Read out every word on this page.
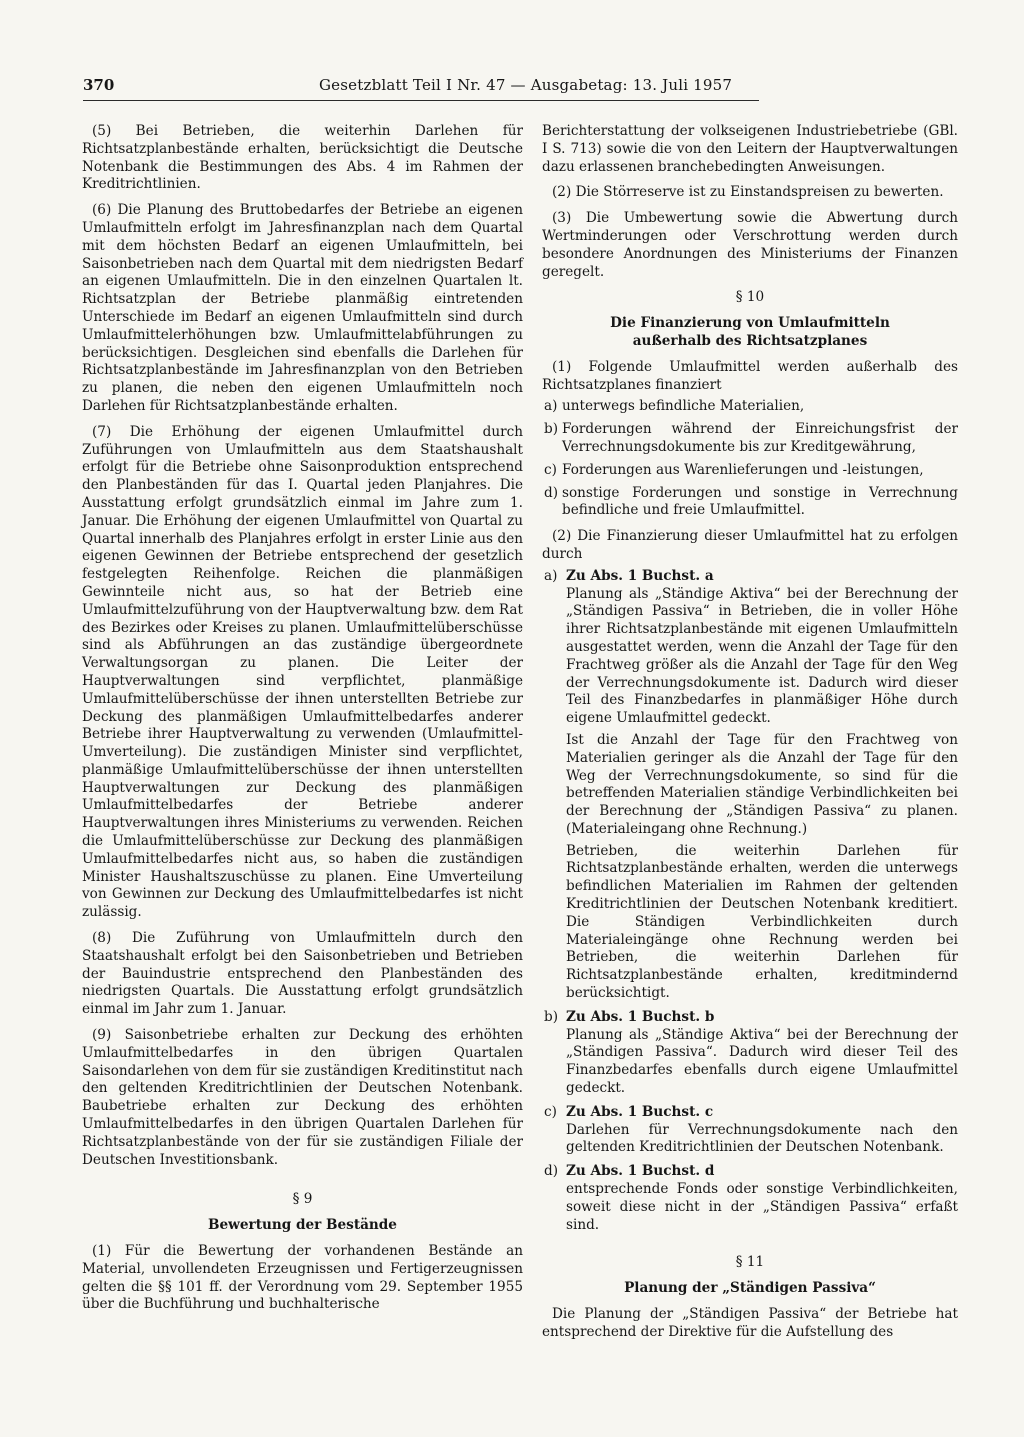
370	Gesetzblatt Teil I Nr. 47 — Ausgabetag: 13. Juli 1957

(5) Bei Betrieben, die weiterhin Darlehen für Richtsatzplanbestände erhalten, berücksichtigt die Deutsche Notenbank die Bestimmungen des Abs. 4 im Rahmen der Kreditrichtlinien.

(6) Die Planung des Bruttobedarfes der Betriebe an eigenen Umlaufmitteln erfolgt im Jahresfinanzplan nach dem Quartal mit dem höchsten Bedarf an eigenen Umlaufmitteln, bei Saisonbetrieben nach dem Quartal mit dem niedrigsten Bedarf an eigenen Umlaufmitteln. Die in den einzelnen Quartalen lt. Richtsatzplan der Betriebe planmäßig eintretenden Unterschiede im Bedarf an eigenen Umlaufmitteln sind durch Umlaufmittelerhöhungen bzw. Umlaufmittelabführungen zu berücksichtigen. Desgleichen sind ebenfalls die Darlehen für Richtsatzplanbestände im Jahresfinanzplan von den Betrieben zu planen, die neben den eigenen Umlaufmitteln noch Darlehen für Richtsatzplanbestände erhalten.

(7) Die Erhöhung der eigenen Umlaufmittel durch Zuführungen von Umlaufmitteln aus dem Staatshaushalt erfolgt für die Betriebe ohne Saisonproduktion entsprechend den Planbeständen für das I. Quartal jeden Planjahres. Die Ausstattung erfolgt grundsätzlich einmal im Jahre zum 1. Januar. Die Erhöhung der eigenen Umlaufmittel von Quartal zu Quartal innerhalb des Planjahres erfolgt in erster Linie aus den eigenen Gewinnen der Betriebe entsprechend der gesetzlich festgelegten Reihenfolge. Reichen die planmäßigen Gewinnteile nicht aus, so hat der Betrieb eine Umlaufmittelzuführung von der Hauptverwaltung bzw. dem Rat des Bezirkes oder Kreises zu planen. Umlaufmittelüberschüsse sind als Abführungen an das zuständige übergeordnete Verwaltungsorgan zu planen. Die Leiter der Hauptverwaltungen sind verpflichtet, planmäßige Umlaufmittelüberschüsse der ihnen unterstellten Betriebe zur Deckung des planmäßigen Umlaufmittelbedarfes anderer Betriebe ihrer Hauptverwaltung zu verwenden (Umlaufmittel-Umverteilung). Die zuständigen Minister sind verpflichtet, planmäßige Umlaufmittelüberschüsse der ihnen unterstellten Hauptverwaltungen zur Deckung des planmäßigen Umlaufmittelbedarfes der Betriebe anderer Hauptverwaltungen ihres Ministeriums zu verwenden. Reichen die Umlaufmittelüberschüsse zur Deckung des planmäßigen Umlaufmittelbedarfes nicht aus, so haben die zuständigen Minister Haushaltszuschüsse zu planen. Eine Umverteilung von Gewinnen zur Deckung des Umlaufmittelbedarfes ist nicht zulässig.

(8) Die Zuführung von Umlaufmitteln durch den Staatshaushalt erfolgt bei den Saisonbetrieben und Betrieben der Bauindustrie entsprechend den Planbeständen des niedrigsten Quartals. Die Ausstattung erfolgt grundsätzlich einmal im Jahr zum 1. Januar.

(9) Saisonbetriebe erhalten zur Deckung des erhöhten Umlaufmittelbedarfes in den übrigen Quartalen Saisondarlehen von dem für sie zuständigen Kreditinstitut nach den geltenden Kreditrichtlinien der Deutschen Notenbank. Baubetriebe erhalten zur Deckung des erhöhten Umlaufmittelbedarfes in den übrigen Quartalen Darlehen für Richtsatzplanbestände von der für sie zuständigen Filiale der Deutschen Investitionsbank.

§ 9

Bewertung der Bestände

(1) Für die Bewertung der vorhandenen Bestände an Material, unvollendeten Erzeugnissen und Fertigerzeugnissen gelten die §§ 101 ff. der Verordnung vom 29. September 1955 über die Buchführung und buchhalterische

Berichterstattung der volkseigenen Industriebetriebe (GBl. I S. 713) sowie die von den Leitern der Hauptverwaltungen dazu erlassenen branchebedingten Anweisungen.

(2) Die Störreserve ist zu Einstandspreisen zu bewerten.

(3) Die Umbewertung sowie die Abwertung durch Wertminderungen oder Verschrottung werden durch besondere Anordnungen des Ministeriums der Finanzen geregelt.

§ 10

Die Finanzierung von Umlaufmitteln

außerhalb des Richtsatzplanes

(1) Folgende Umlaufmittel werden außerhalb des Richtsatzplanes finanziert

a) unterwegs befindliche Materialien,
b) Forderungen während der Einreichungsfrist der Verrechnungsdokumente bis zur Kreditgewährung,
c) Forderungen aus Warenlieferungen und -leistungen,
d) sonstige Forderungen und sonstige in Verrechnung befindliche und freie Umlaufmittel.

(2) Die Finanzierung dieser Umlaufmittel hat zu erfolgen durch

a) Zu Abs. 1 Buchst. a

Planung als „Ständige Aktiva“ bei der Berechnung der „Ständigen Passiva“ in Betrieben, die in voller Höhe ihrer Richtsatzplanbestände mit eigenen Umlaufmitteln ausgestattet werden, wenn die Anzahl der Tage für den Frachtweg größer als die Anzahl der Tage für den Weg der Verrechnungsdokumente ist. Dadurch wird dieser Teil des Finanzbedarfes in planmäßiger Höhe durch eigene Umlaufmittel gedeckt.

Ist die Anzahl der Tage für den Frachtweg von Materialien geringer als die Anzahl der Tage für den Weg der Verrechnungsdokumente, so sind für die betreffenden Materialien ständige Verbindlichkeiten bei der Berechnung der „Ständigen Passiva“ zu planen. (Materialeingang ohne Rechnung.)

Betrieben, die weiterhin Darlehen für Richtsatzplanbestände erhalten, werden die unterwegs befindlichen Materialien im Rahmen der geltenden Kreditrichtlinien der Deutschen Notenbank kreditiert. Die Ständigen Verbindlichkeiten durch Materialeingänge ohne Rechnung werden bei Betrieben, die weiterhin Darlehen für Richtsatzplanbestände erhalten, kreditmindernd berücksichtigt.

b) Zu Abs. 1 Buchst. b

Planung als „Ständige Aktiva“ bei der Berechnung der „Ständigen Passiva“. Dadurch wird dieser Teil des Finanzbedarfes ebenfalls durch eigene Umlaufmittel gedeckt.

c) Zu Abs. 1 Buchst. c

Darlehen für Verrechnungsdokumente nach den geltenden Kreditrichtlinien der Deutschen Notenbank.

d) Zu Abs. 1 Buchst. d

entsprechende Fonds oder sonstige Verbindlichkeiten, soweit diese nicht in der „Ständigen Passiva“ erfaßt sind.

§ 11

Planung der „Ständigen Passiva“

Die Planung der „Ständigen Passiva“ der Betriebe hat entsprechend der Direktive für die Aufstellung des
